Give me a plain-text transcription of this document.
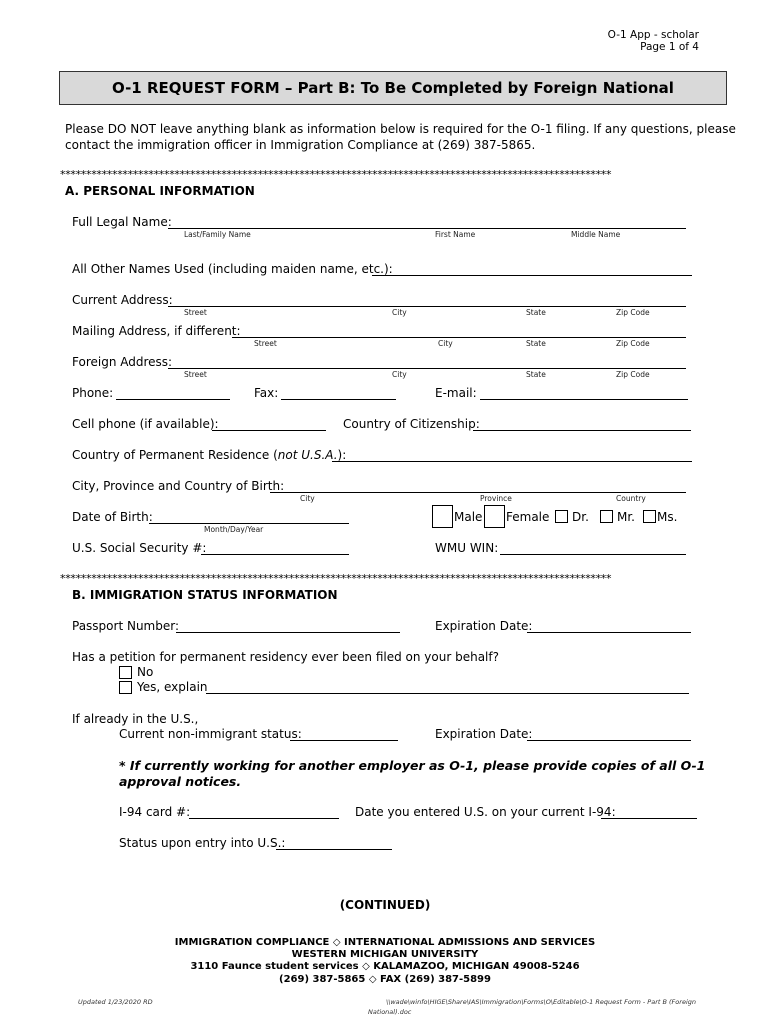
O-1 App - scholar
Page 1 of 4
O-1 REQUEST FORM – Part B: To Be Completed by Foreign National
Please DO NOT leave anything blank as information below is required for the O-1 filing. If any questions, please
contact the immigration officer in Immigration Compliance at (269) 387-5865.
**********************************************************************************************************
A. PERSONAL INFORMATION
Full Legal Name:
Last/Family Name	First Name	Middle Name
All Other Names Used (including maiden name, etc.):
Current Address:
Street	City	State	Zip Code
Mailing Address, if different:
Street	City	State	Zip Code
Foreign Address:
Street	City	State	Zip Code
Phone:	Fax:	E-mail:
Cell phone (if available):	Country of Citizenship:
Country of Permanent Residence (not U.S.A.):
City, Province and Country of Birth:
City	Province	Country
Date of Birth:
Month/Day/Year
Male Female Dr. Mr. Ms.
U.S. Social Security #:	WMU WIN:
**********************************************************************************************************
B. IMMIGRATION STATUS INFORMATION
Passport Number:	Expiration Date:
Has a petition for permanent residency ever been filed on your behalf?
No
Yes, explain
If already in the U.S.,
Current non-immigrant status:	Expiration Date:
* If currently working for another employer as O-1, please provide copies of all O-1
approval notices.
I-94 card #:	Date you entered U.S. on your current I-94:
Status upon entry into U.S.:
(CONTINUED)
IMMIGRATION COMPLIANCE ◇ INTERNATIONAL ADMISSIONS AND SERVICES
WESTERN MICHIGAN UNIVERSITY
3110 Faunce student services ◇ KALAMAZOO, MICHIGAN 49008-5246
(269) 387-5865 ◇ FAX (269) 387-5899
Updated 1/23/2020 RD	\\wade\winfo\HIGE\Share\IAS\Immigration\Forms\O\Editable\O-1 Request Form - Part B (Foreign
National).doc
